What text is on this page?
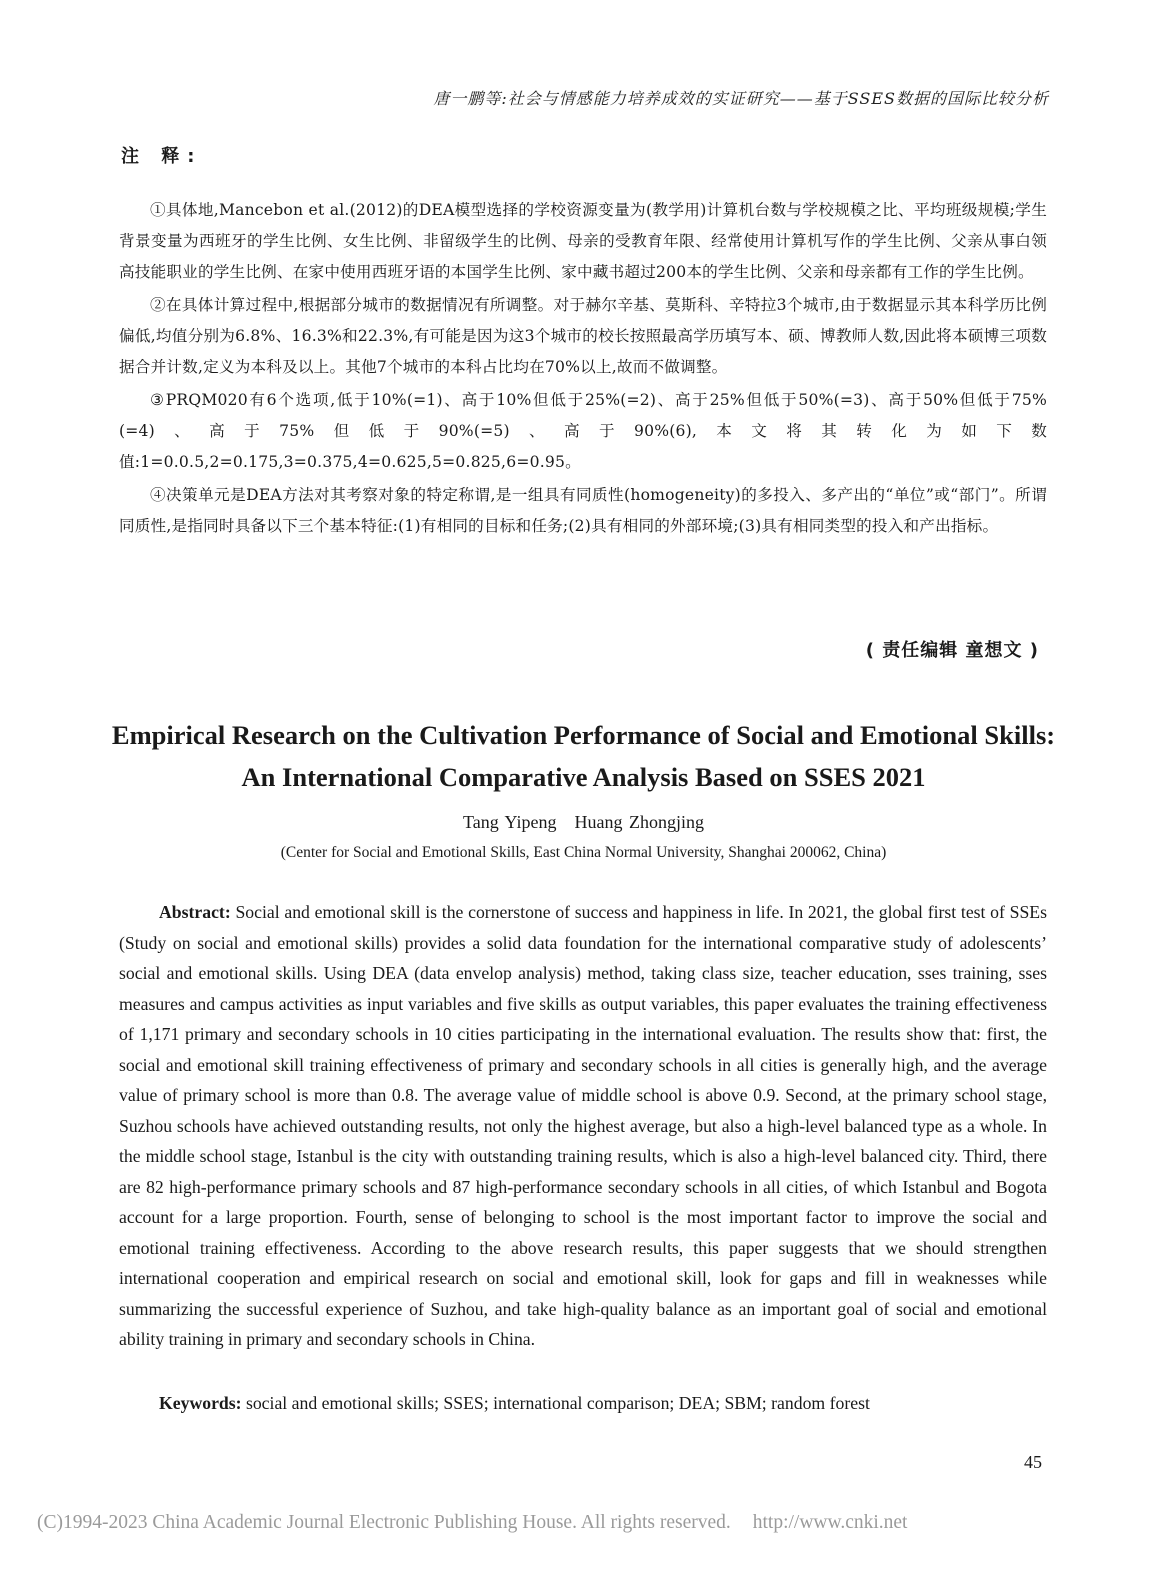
唐一鹏等:社会与情感能力培养成效的实证研究——基于SSES数据的国际比较分析
注 释:

①具体地,Mancebon et al.(2012)的DEA模型选择的学校资源变量为(教学用)计算机台数与学校规模之比、平均班级规模;学生背景变量为西班牙的学生比例、女生比例、非留级学生的比例、母亲的受教育年限、经常使用计算机写作的学生比例、父亲从事白领高技能职业的学生比例、在家中使用西班牙语的本国学生比例、家中藏书超过200本的学生比例、父亲和母亲都有工作的学生比例。

②在具体计算过程中,根据部分城市的数据情况有所调整。对于赫尔辛基、莫斯科、辛特拉3个城市,由于数据显示其本科学历比例偏低,均值分别为6.8%、16.3%和22.3%,有可能是因为这3个城市的校长按照最高学历填写本、硕、博教师人数,因此将本硕博三项数据合并计数,定义为本科及以上。其他7个城市的本科占比均在70%以上,故而不做调整。

③PRQM020有6个选项,低于10%(=1)、高于10%但低于25%(=2)、高于25%但低于50%(=3)、高于50%但低于75%(=4)、高于75%但低于90%(=5)、高于90%(6),本文将其转化为如下数值:1=0.0.5,2=0.175,3=0.375,4=0.625,5=0.825,6=0.95。

④决策单元是DEA方法对其考察对象的特定称谓,是一组具有同质性(homogeneity)的多投入、多产出的“单位”或“部门”。所谓同质性,是指同时具备以下三个基本特征:(1)有相同的目标和任务;(2)具有相同的外部环境;(3)具有相同类型的投入和产出指标。

( 责任编辑 童想文 )
Empirical Research on the Cultivation Performance of Social and Emotional Skills: An International Comparative Analysis Based on SSES 2021
Tang Yipeng Huang Zhongjing
(Center for Social and Emotional Skills, East China Normal University, Shanghai 200062, China)

Abstract: Social and emotional skill is the cornerstone of success and happiness in life. In 2021, the global first test of SSEs (Study on social and emotional skills) provides a solid data foundation for the international comparative study of adolescents’ social and emotional skills. Using DEA (data envelop analysis) method, taking class size, teacher education, sses training, sses measures and campus activities as input variables and five skills as output variables, this paper evaluates the training effectiveness of 1,171 primary and secondary schools in 10 cities participating in the international evaluation. The results show that: first, the social and emotional skill training effectiveness of primary and secondary schools in all cities is generally high, and the average value of primary school is more than 0.8. The average value of middle school is above 0.9. Second, at the primary school stage, Suzhou schools have achieved outstanding results, not only the highest average, but also a high-level balanced type as a whole. In the middle school stage, Istanbul is the city with outstanding training results, which is also a high-level balanced city. Third, there are 82 high-performance primary schools and 87 high-performance secondary schools in all cities, of which Istanbul and Bogota account for a large proportion. Fourth, sense of belonging to school is the most important factor to improve the social and emotional training effectiveness. According to the above research results, this paper suggests that we should strengthen international cooperation and empirical research on social and emotional skill, look for gaps and fill in weaknesses while summarizing the successful experience of Suzhou, and take high-quality balance as an important goal of social and emotional ability training in primary and secondary schools in China.

Keywords: social and emotional skills; SSES; international comparison; DEA; SBM; random forest

45
(C)1994-2023 China Academic Journal Electronic Publishing House. All rights reserved. http://www.cnki.net
